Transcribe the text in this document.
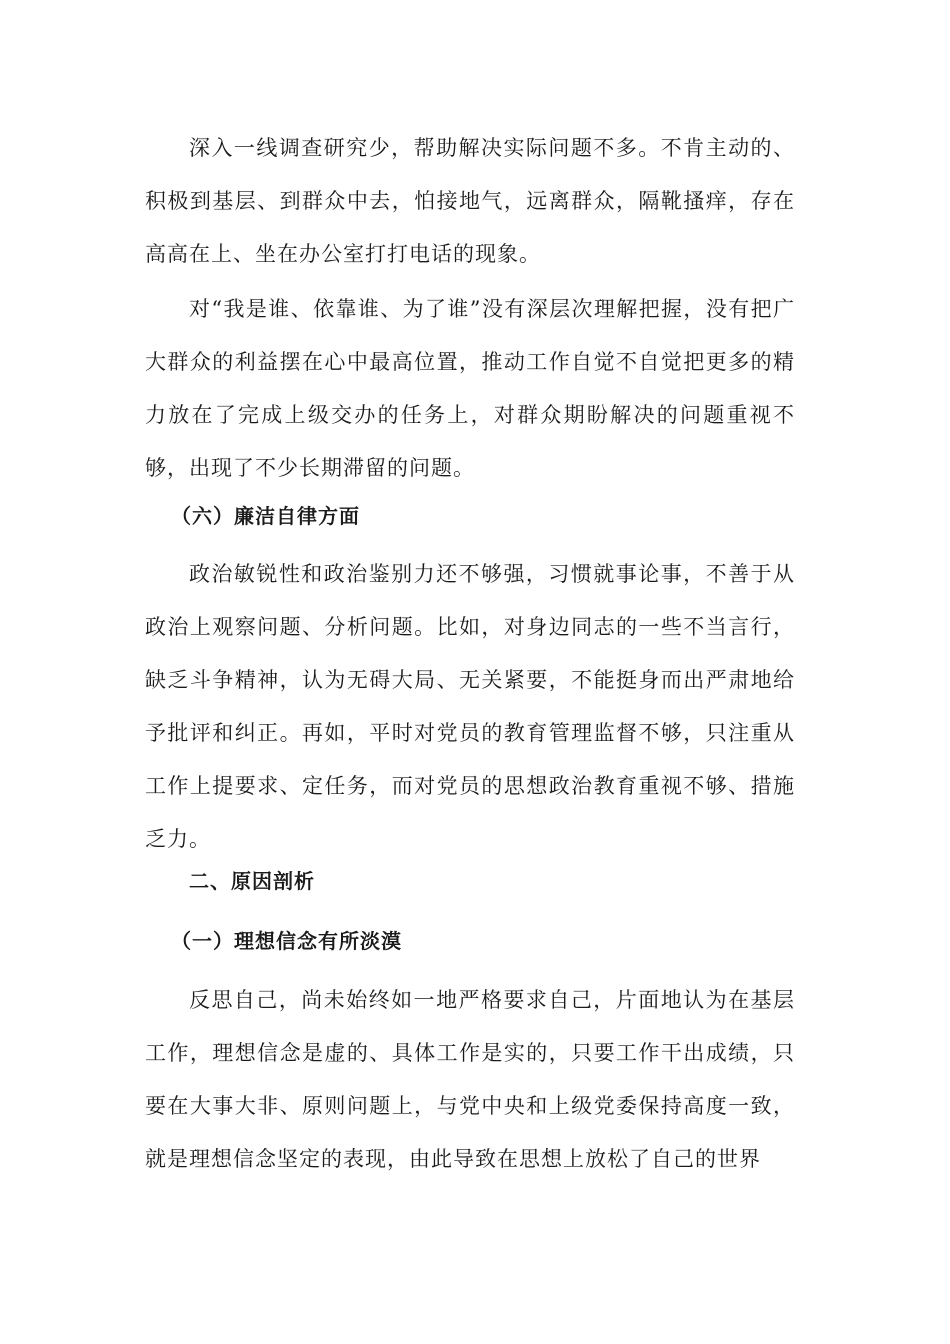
深入一线调查研究少，帮助解决实际问题不多。不肯主动的、积极到基层、到群众中去，怕接地气，远离群众，隔靴搔痒，存在高高在上、坐在办公室打打电话的现象。

对“我是谁、依靠谁、为了谁”没有深层次理解把握，没有把广大群众的利益摆在心中最高位置，推动工作自觉不自觉把更多的精力放在了完成上级交办的任务上，对群众期盼解决的问题重视不够，出现了不少长期滞留的问题。

（六）廉洁自律方面

政治敏锐性和政治鉴别力还不够强，习惯就事论事，不善于从政治上观察问题、分析问题。比如，对身边同志的一些不当言行，缺乏斗争精神，认为无碍大局、无关紧要，不能挺身而出严肃地给予批评和纠正。再如，平时对党员的教育管理监督不够，只注重从工作上提要求、定任务，而对党员的思想政治教育重视不够、措施乏力。

二、原因剖析

（一）理想信念有所淡漠

反思自己，尚未始终如一地严格要求自己，片面地认为在基层工作，理想信念是虚的、具体工作是实的，只要工作干出成绩，只要在大事大非、原则问题上，与党中央和上级党委保持高度一致，就是理想信念坚定的表现，由此导致在思想上放松了自己的世界
